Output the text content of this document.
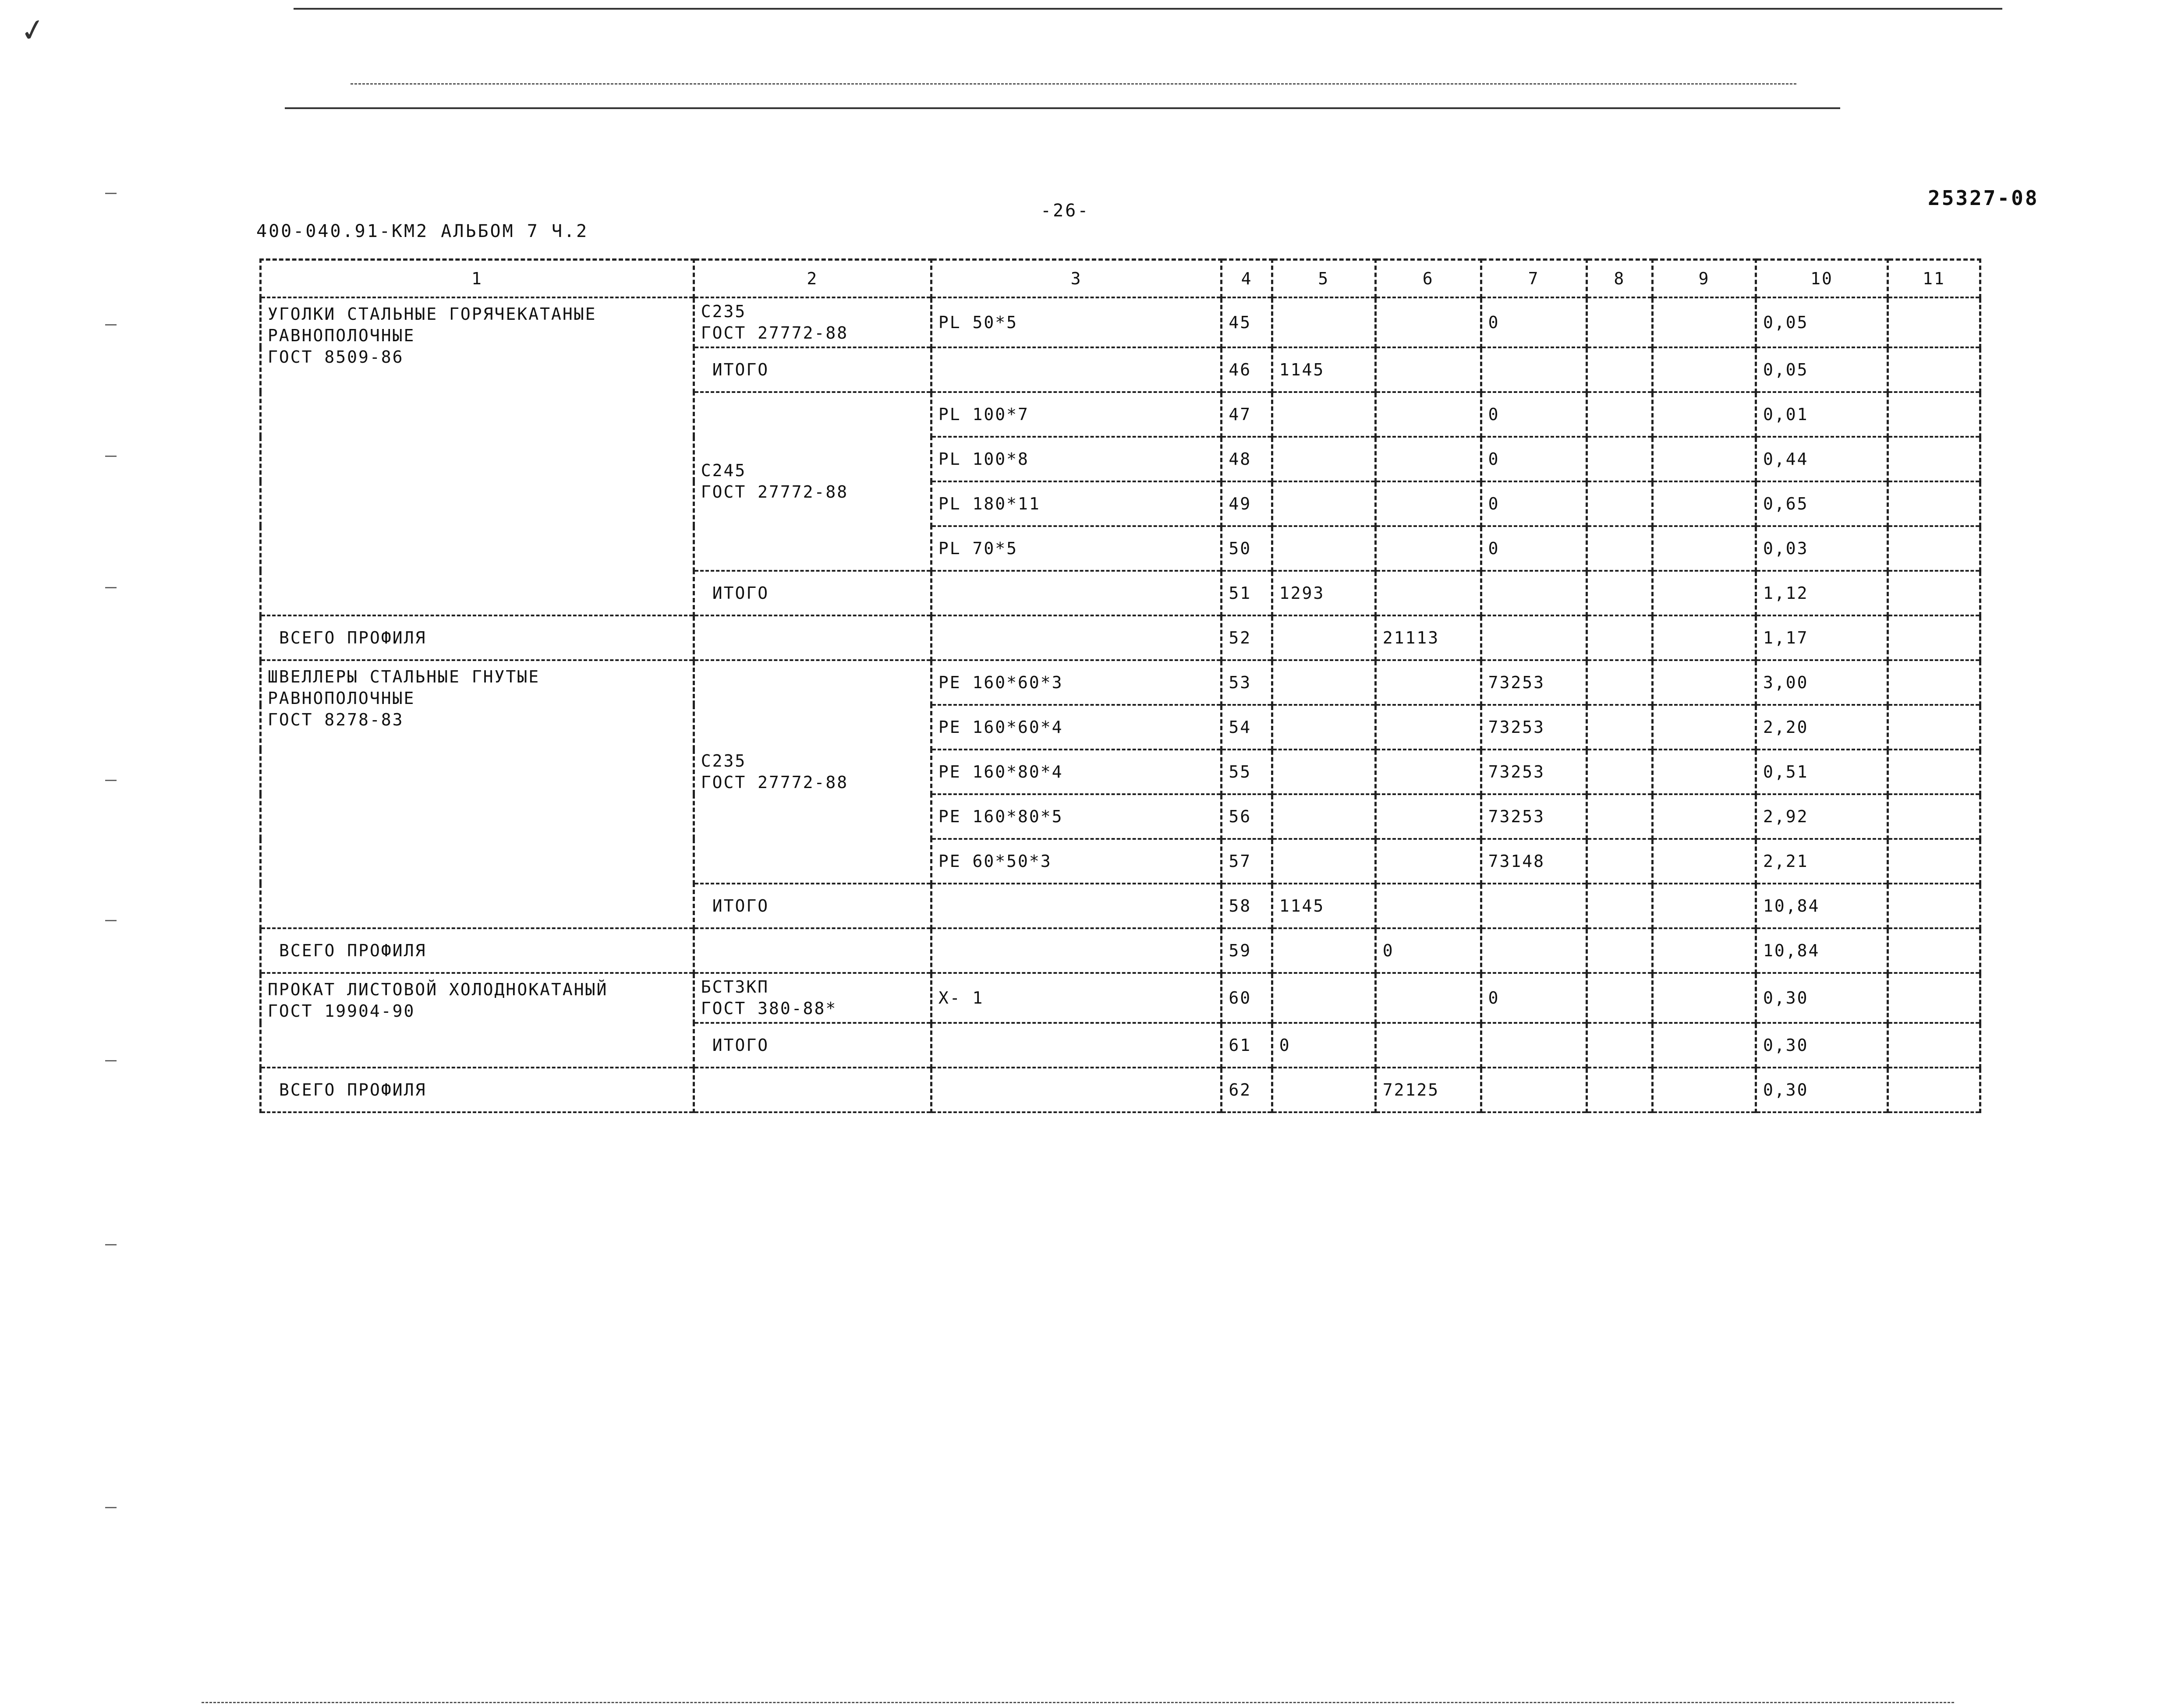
✓
400-040.91-КМ2 АЛЬБОМ 7 Ч.2
-26-
25327-08
1	2	3	4	5	6	7	8	9	10	11
УГОЛКИ СТАЛЬНЫЕ ГОРЯЧЕКАТАНЫЕ
РАВНОПОЛОЧНЫЕ
ГОСТ 8509-86	С235
ГОСТ 27772-88	PL 50*5	45			0			0,05	
	ИТОГО		46	1145					0,05	
	С245
ГОСТ 27772-88	PL 100*7	47			0			0,01	
		PL 100*8	48			0			0,44	
		PL 180*11	49			0			0,65	
		PL 70*5	50			0			0,03	
	ИТОГО		51	1293					1,12	
ВСЕГО ПРОФИЛЯ			52		21113				1,17	
ШВЕЛЛЕРЫ СТАЛЬНЫЕ ГНУТЫЕ
РАВНОПОЛОЧНЫЕ
ГОСТ 8278-83	С235
ГОСТ 27772-88	PE 160*60*3	53			73253			3,00	
		PE 160*60*4	54			73253			2,20	
		PE 160*80*4	55			73253			0,51	
		PE 160*80*5	56			73253			2,92	
		PE 60*50*3	57			73148			2,21	
	ИТОГО		58	1145					10,84	
ВСЕГО ПРОФИЛЯ			59		0				10,84	
ПРОКАТ ЛИСТОВОЙ ХОЛОДНОКАТАНЫЙ
ГОСТ 19904-90	БСТ3КП
ГОСТ 380-88*	X- 1	60			0			0,30	
	ИТОГО		61	0					0,30	
ВСЕГО ПРОФИЛЯ			62		72125				0,30	
